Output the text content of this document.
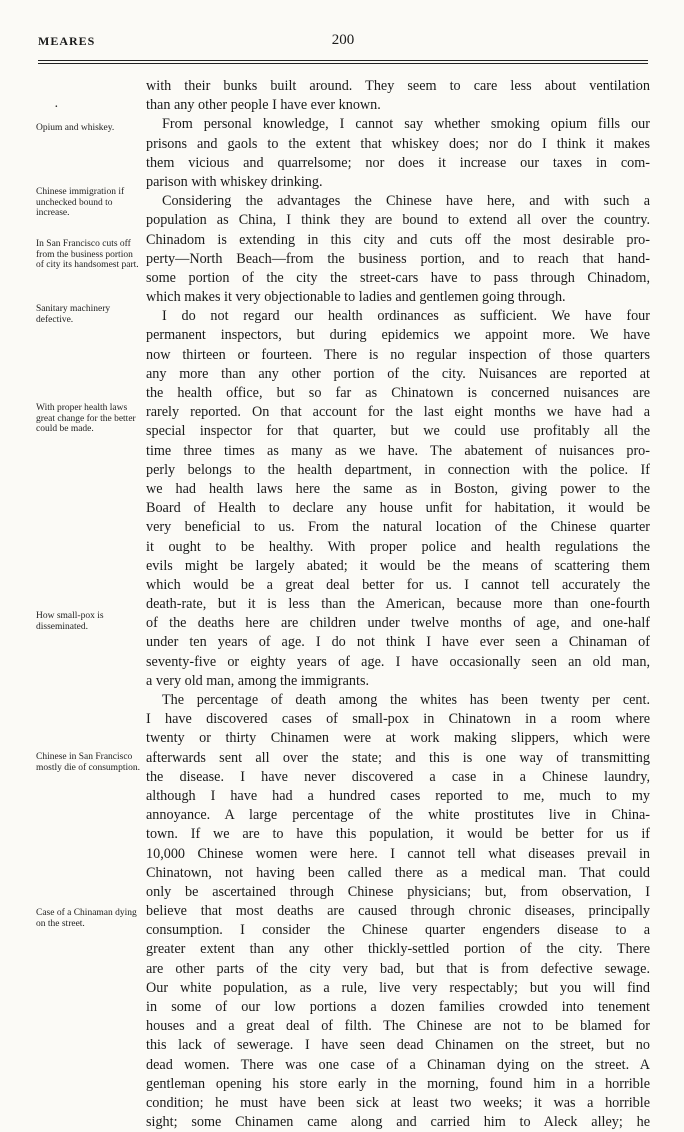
MEARES	200
·
Opium and whiskey.
Chinese immigration if unchecked bound to increase.
In San Francisco cuts off from the business portion of city its handsomest part.
Sanitary machinery defective.
With proper health laws great change for the better could be made.
How small-pox is disseminated.
Chinese in San Francisco mostly die of consumption.
Case of a Chinaman dying on the street.
with their bunks built around. They seem to care less about ventilation
than any other people I have ever known.
From personal knowledge, I cannot say whether smoking opium fills our
prisons and gaols to the extent that whiskey does; nor do I think it makes
them vicious and quarrelsome; nor does it increase our taxes in com-
parison with whiskey drinking.
Considering the advantages the Chinese have here, and with such a
population as China, I think they are bound to extend all over the country.
Chinadom is extending in this city and cuts off the most desirable pro-
perty—North Beach—from the business portion, and to reach that hand-
some portion of the city the street-cars have to pass through Chinadom,
which makes it very objectionable to ladies and gentlemen going through.
I do not regard our health ordinances as sufficient. We have four
permanent inspectors, but during epidemics we appoint more. We have
now thirteen or fourteen. There is no regular inspection of those quarters
any more than any other portion of the city. Nuisances are reported at
the health office, but so far as Chinatown is concerned nuisances are
rarely reported. On that account for the last eight months we have had a
special inspector for that quarter, but we could use profitably all the
time three times as many as we have. The abatement of nuisances pro-
perly belongs to the health department, in connection with the police. If
we had health laws here the same as in Boston, giving power to the
Board of Health to declare any house unfit for habitation, it would be
very beneficial to us. From the natural location of the Chinese quarter
it ought to be healthy. With proper police and health regulations the
evils might be largely abated; it would be the means of scattering them
which would be a great deal better for us. I cannot tell accurately the
death-rate, but it is less than the American, because more than one-fourth
of the deaths here are children under twelve months of age, and one-half
under ten years of age. I do not think I have ever seen a Chinaman of
seventy-five or eighty years of age. I have occasionally seen an old man,
a very old man, among the immigrants.
The percentage of death among the whites has been twenty per cent.
I have discovered cases of small-pox in Chinatown in a room where
twenty or thirty Chinamen were at work making slippers, which were
afterwards sent all over the state; and this is one way of transmitting
the disease. I have never discovered a case in a Chinese laundry,
although I have had a hundred cases reported to me, much to my
annoyance. A large percentage of the white prostitutes live in China-
town. If we are to have this population, it would be better for us if
10,000 Chinese women were here. I cannot tell what diseases prevail in
Chinatown, not having been called there as a medical man. That could
only be ascertained through Chinese physicians; but, from observation, I
believe that most deaths are caused through chronic diseases, principally
consumption. I consider the Chinese quarter engenders disease to a
greater extent than any other thickly-settled portion of the city. There
are other parts of the city very bad, but that is from defective sewage.
Our white population, as a rule, live very respectably; but you will find
in some of our low portions a dozen families crowded into tenement
houses and a great deal of filth. The Chinese are not to be blamed for
this lack of sewerage. I have seen dead Chinamen on the street, but no
dead women. There was one case of a Chinaman dying on the street. A
gentleman opening his store early in the morning, found him in a horrible
condition; he must have been sick at least two weeks; it was a horrible
sight; some Chinamen came along and carried him to Aleck alley; he
